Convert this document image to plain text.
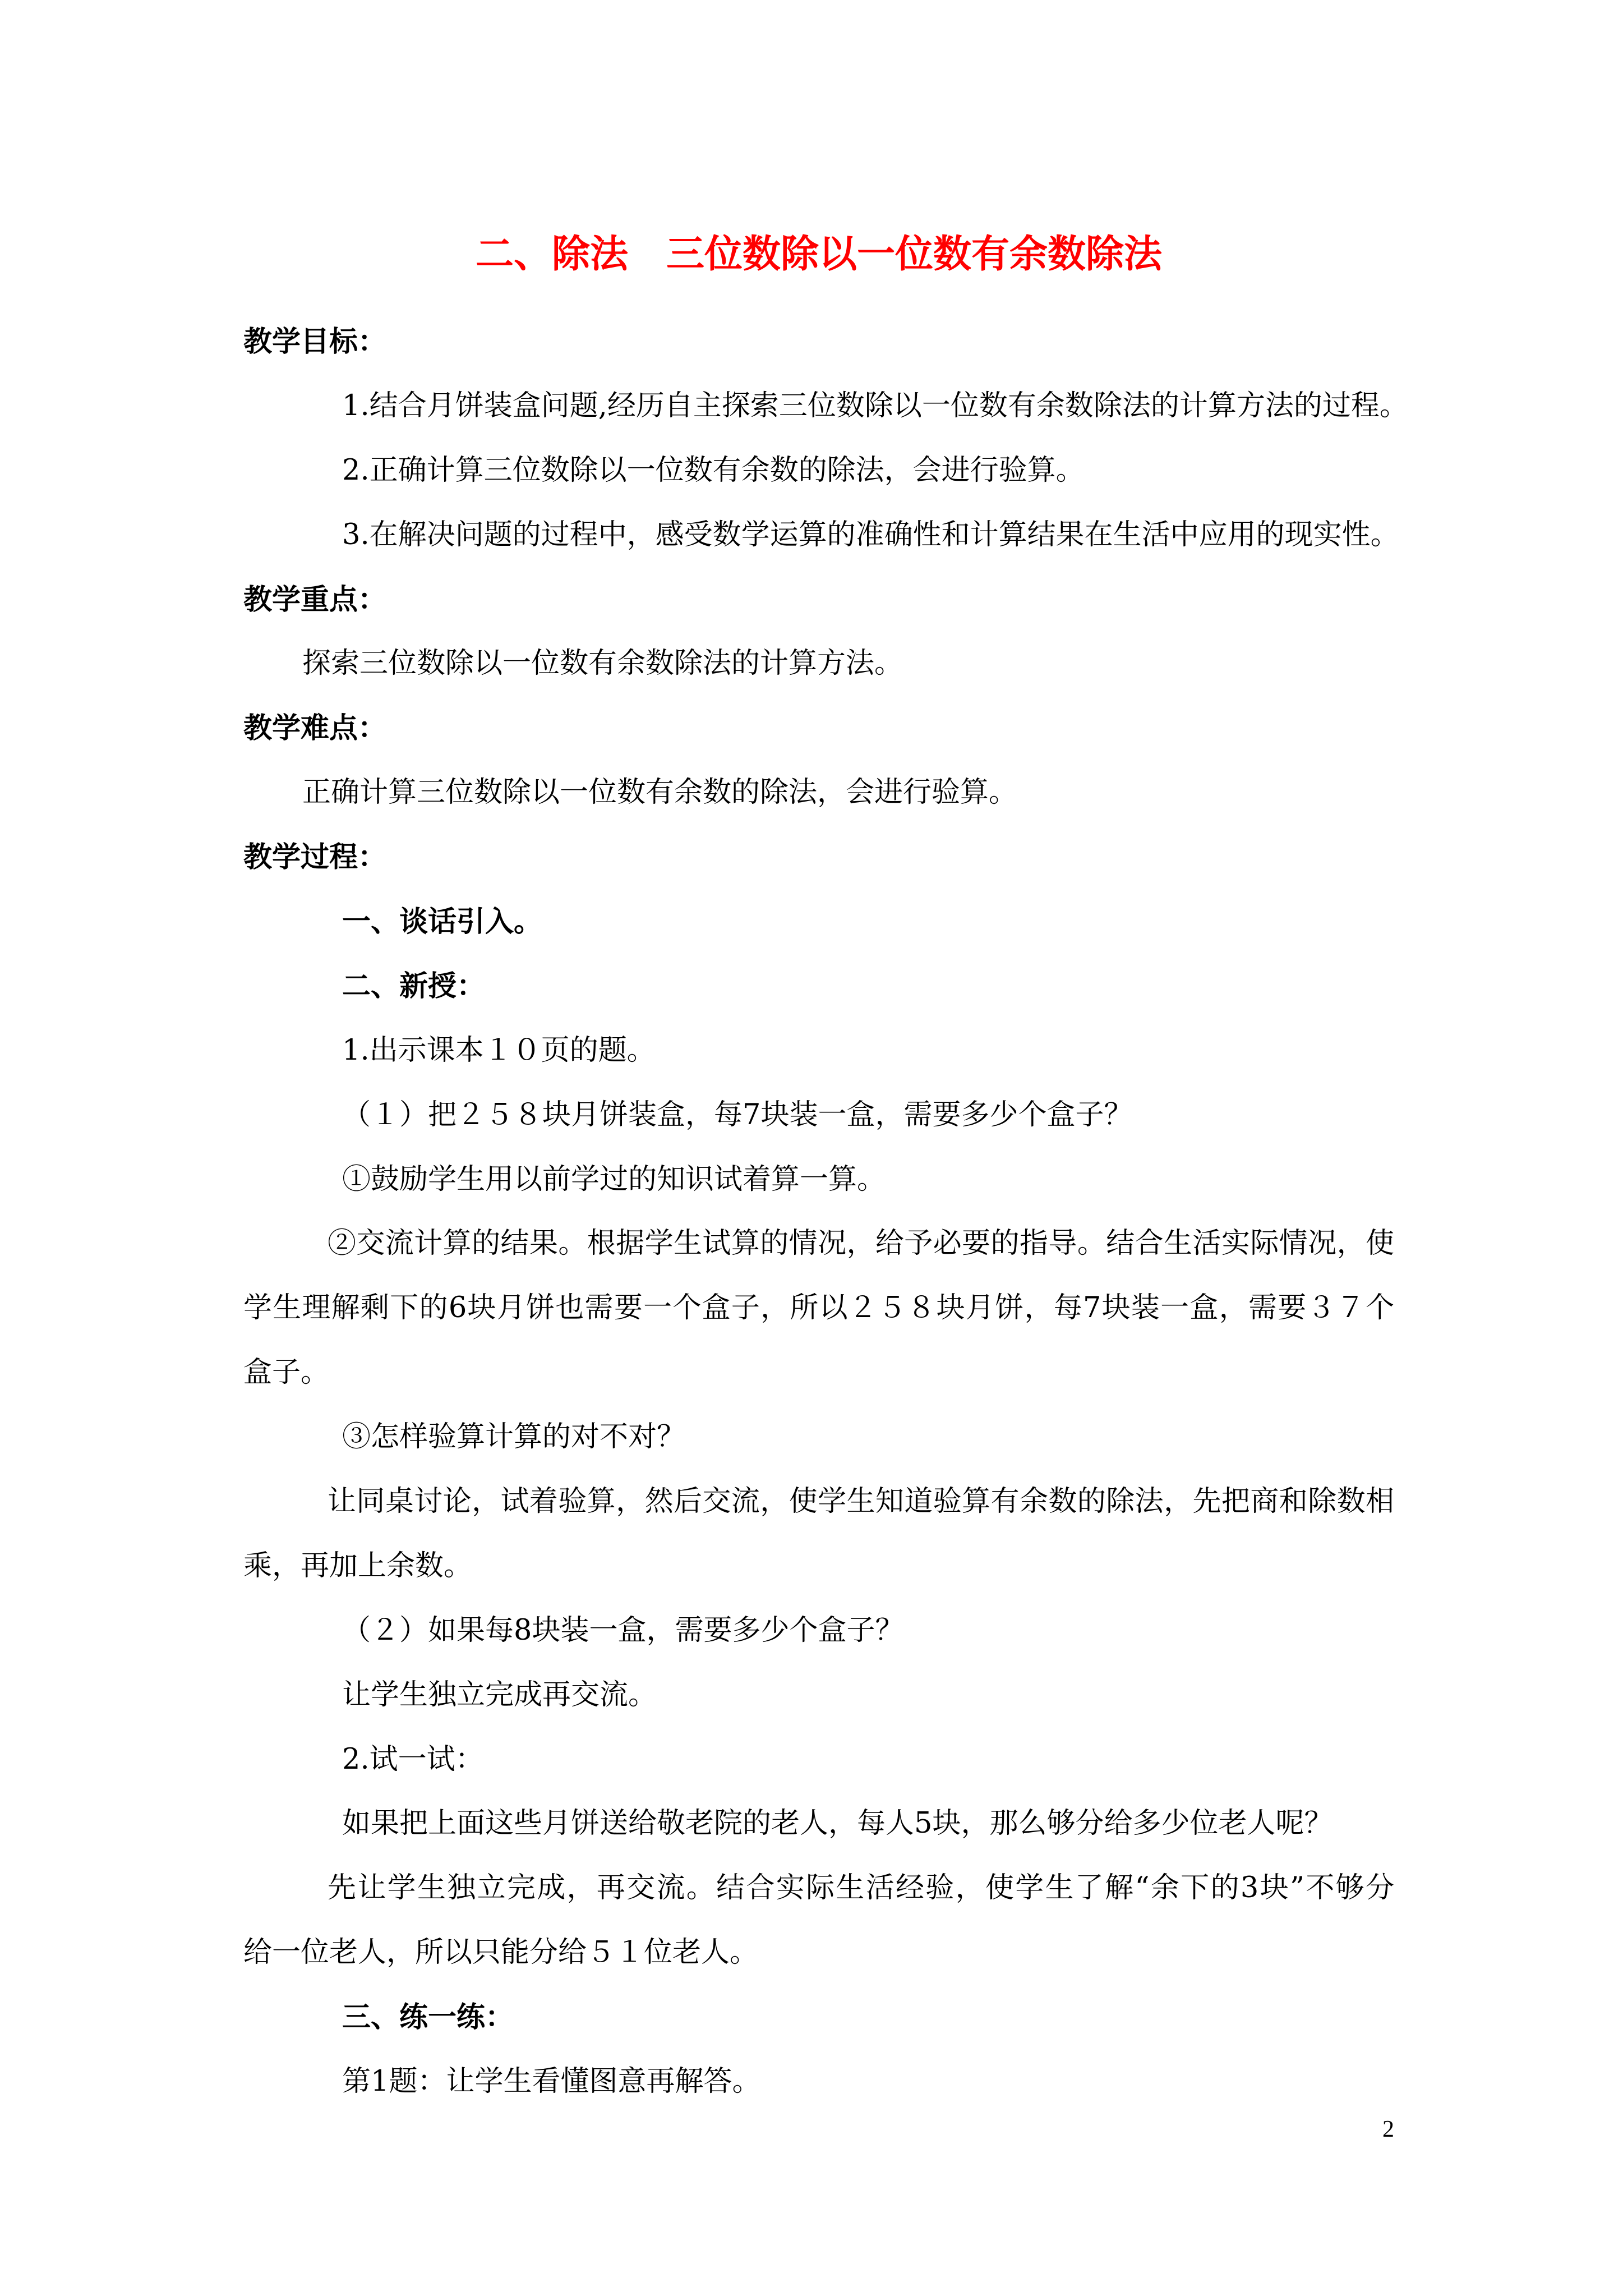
二、除法　三位数除以一位数有余数除法
教学目标：
1.结合月饼装盒问题,经历自主探索三位数除以一位数有余数除法的计算方法的过程。
2.正确计算三位数除以一位数有余数的除法，会进行验算。
3.在解决问题的过程中，感受数学运算的准确性和计算结果在生活中应用的现实性。
教学重点：
探索三位数除以一位数有余数除法的计算方法。
教学难点：
正确计算三位数除以一位数有余数的除法，会进行验算。
教学过程：
一、谈话引入。
二、新授：
1.出示课本１０页的题。
（１）把２５８块月饼装盒，每7块装一盒，需要多少个盒子？
①鼓励学生用以前学过的知识试着算一算。
②交流计算的结果。根据学生试算的情况，给予必要的指导。结合生活实际情况，使
学生理解剩下的6块月饼也需要一个盒子，所以２５８块月饼，每7块装一盒，需要３７个
盒子。
③怎样验算计算的对不对？
让同桌讨论，试着验算，然后交流，使学生知道验算有余数的除法，先把商和除数相
乘，再加上余数。
（２）如果每8块装一盒，需要多少个盒子？
让学生独立完成再交流。
2.试一试：
如果把上面这些月饼送给敬老院的老人，每人5块，那么够分给多少位老人呢？
先让学生独立完成，再交流。结合实际生活经验，使学生了解“余下的3块”不够分
给一位老人，所以只能分给５１位老人。
三、练一练：
第1题：让学生看懂图意再解答。
2
